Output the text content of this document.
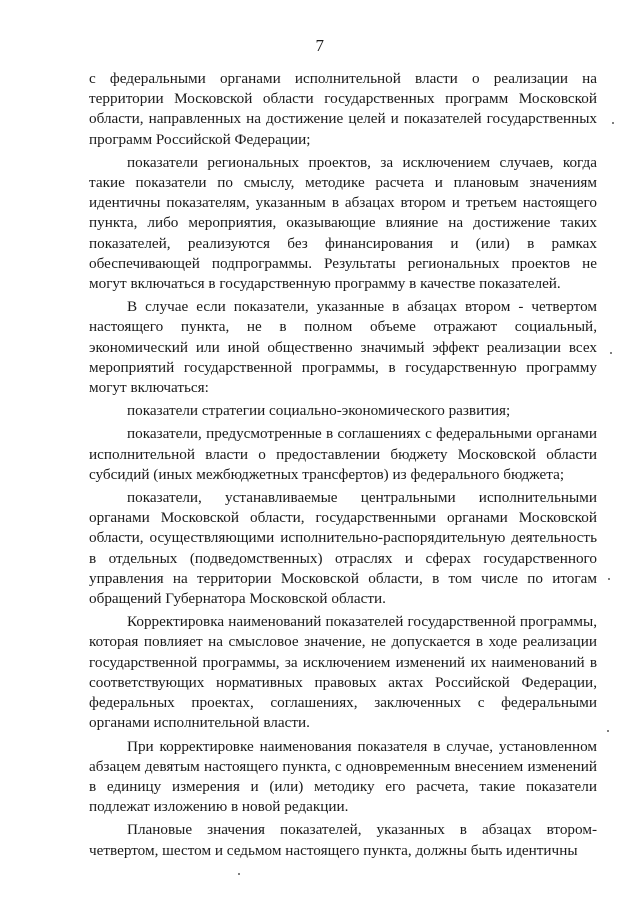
7

с федеральными органами исполнительной власти о реализации на территории Московской области государственных программ Московской области, направленных на достижение целей и показателей государственных программ Российской Федерации;

показатели региональных проектов, за исключением случаев, когда такие показатели по смыслу, методике расчета и плановым значениям идентичны показателям, указанным в абзацах втором и третьем настоящего пункта, либо мероприятия, оказывающие влияние на достижение таких показателей, реализуются без финансирования и (или) в рамках обеспечивающей подпрограммы. Результаты региональных проектов не могут включаться в государственную программу в качестве показателей.

В случае если показатели, указанные в абзацах втором - четвертом настоящего пункта, не в полном объеме отражают социальный, экономический или иной общественно значимый эффект реализации всех мероприятий государственной программы, в государственную программу могут включаться:

показатели стратегии социально-экономического развития;

показатели, предусмотренные в соглашениях с федеральными органами исполнительной власти о предоставлении бюджету Московской области субсидий (иных межбюджетных трансфертов) из федерального бюджета;

показатели, устанавливаемые центральными исполнительными органами Московской области, государственными органами Московской области, осуществляющими исполнительно-распорядительную деятельность в отдельных (подведомственных) отраслях и сферах государственного управления на территории Московской области, в том числе по итогам обращений Губернатора Московской области.

Корректировка наименований показателей государственной программы, которая повлияет на смысловое значение, не допускается в ходе реализации государственной программы, за исключением изменений их наименований в соответствующих нормативных правовых актах Российской Федерации, федеральных проектах, соглашениях, заключенных с федеральными органами исполнительной власти.

При корректировке наименования показателя в случае, установленном абзацем девятым настоящего пункта, с одновременным внесением изменений в единицу измерения и (или) методику его расчета, такие показатели подлежат изложению в новой редакции.

Плановые значения показателей, указанных в абзацах втором-четвертом, шестом и седьмом настоящего пункта, должны быть идентичны
